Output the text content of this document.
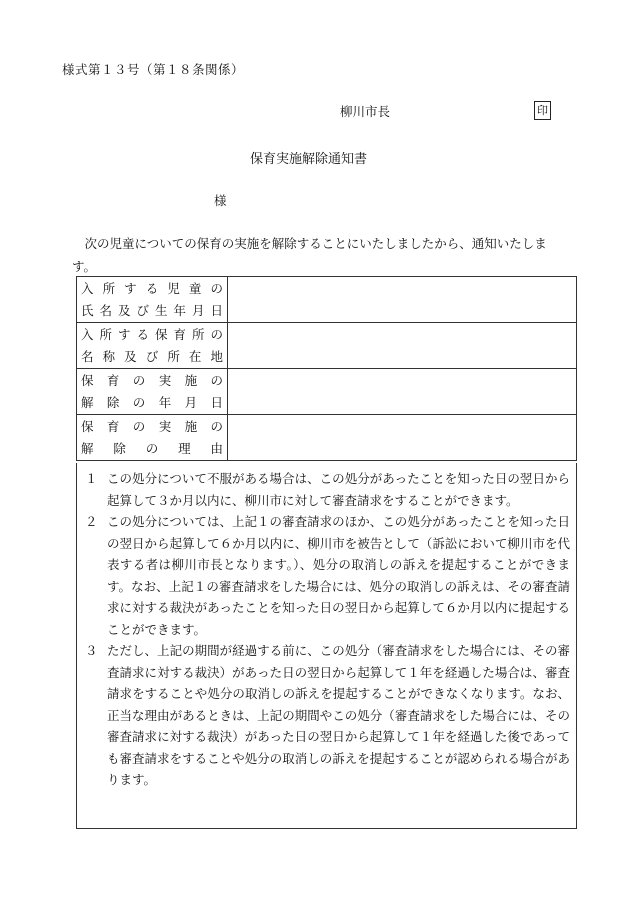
様式第１３号（第１８条関係）
柳川市長	印
保育実施解除通知書
様

次の児童についての保育の実施を解除することにいたしましたから、通知いたします。

入所する児童の
氏名及び生年月日	

入所する保育所の
名称及び所在地	

保育の実施の
解除の年月日	

保育の実施の
解除の理由	

１ この処分について不服がある場合は、この処分があったことを知った日の翌日から起算して３か月以内に、柳川市に対して審査請求をすることができます。
２ この処分については、上記１の審査請求のほか、この処分があったことを知った日の翌日から起算して６か月以内に、柳川市を被告として（訴訟において柳川市を代表する者は柳川市長となります。）、処分の取消しの訴えを提起することができます。なお、上記１の審査請求をした場合には、処分の取消しの訴えは、その審査請求に対する裁決があったことを知った日の翌日から起算して６か月以内に提起することができます。
３ ただし、上記の期間が経過する前に、この処分（審査請求をした場合には、その審査請求に対する裁決）があった日の翌日から起算して１年を経過した場合は、審査請求をすることや処分の取消しの訴えを提起することができなくなります。なお、正当な理由があるときは、上記の期間やこの処分（審査請求をした場合には、その審査請求に対する裁決）があった日の翌日から起算して１年を経過した後であっても審査請求をすることや処分の取消しの訴えを提起することが認められる場合があります。
